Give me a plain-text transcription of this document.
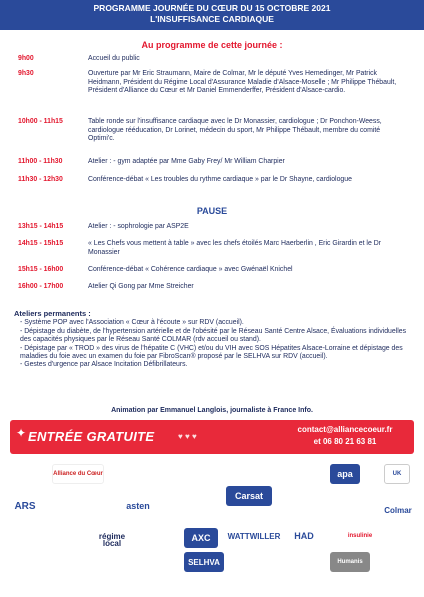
PROGRAMME JOURNÉE DU CŒUR DU 15 OCTOBRE 2021
L'INSUFFISANCE CARDIAQUE
Au programme de cette journée :
9h00	Accueil du public
9h30	Ouverture par Mr Eric Straumann, Maire de Colmar, Mr le député Yves Hemedinger, Mr Patrick Heidmann, Président du Régime Local d'Assurance Maladie d'Alsace-Moselle ; Mr Philippe Thébault, Président d'Alliance du Cœur et Mr Daniel Emmenderffer, Président d'Alsace-cardio.
10h00 - 11h15	Table ronde sur l'insuffisance cardiaque avec le Dr Monassier, cardiologue ; Dr Ponchon-Weess, cardiologue rééducation, Dr Lorinet, médecin du sport, Mr Philippe Thébault, membre du comité Optimi'c.
11h00 - 11h30	Atelier : - gym adaptée par Mme Gaby Frey/ Mr William Charpier
11h30 - 12h30	Conférence-débat « Les troubles du rythme cardiaque » par le Dr Shayne, cardiologue
PAUSE
13h15 - 14h15	Atelier : - sophrologie par ASP2E
14h15 - 15h15	« Les Chefs vous mettent à table » avec les chefs étoilés Marc Haerberlin , Eric Girardin et le Dr Monassier
15h15 - 16h00	Conférence-débat « Cohérence cardiaque » avec Gwénaël Knichel
16h00 - 17h00	Atelier Qi Gong par Mme Streicher
Ateliers permanents :
- Système POP avec l'Association « Cœur à l'écoute » sur RDV (accueil).
- Dépistage du diabète, de l'hypertension artérielle et de l'obésité par le Réseau Santé Centre Alsace, Évaluations individuelles des capacités physiques par le Réseau Santé COLMAR (rdv accueil ou stand).
- Dépistage par « TROD » des virus de l'hépatite C (VHC) et/ou du VIH avec SOS Hépatites Alsace-Lorraine et dépistage des maladies du foie avec un examen du foie par FibroScan® proposé par le SELHVA sur RDV (accueil).
- Gestes d'urgence par Alsace Incitation Défibrillateurs.
Animation par Emmanuel Langlois, journaliste à France Info.
✦ ENTRÉE GRATUITE	♥ ♥ ♥
contact@alliancecoeur.fr
et 06 80 21 63 81
Alliance du Cœur
ARS	asten
Carsat
apa	UK
régime local
SELHVA
WATTWILLER	HAD
Colmar
AXC
Humanis
insulinie
